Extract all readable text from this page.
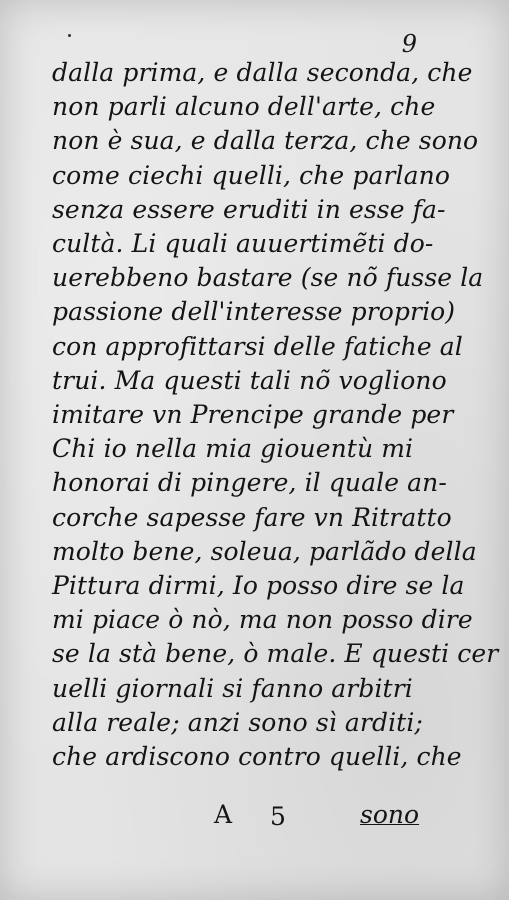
9
dalla prima, e dalla seconda, che
non parli alcuno dell'arte, che
non è sua, e dalla terza, che sono
come ciechi quelli, che parlano
senza essere eruditi in esse fa-
cultà. Li quali auuertimẽti do-
uerebbeno bastare (se nõ fusse la
passione dell'interesse proprio)
con approfittarsi delle fatiche al
trui. Ma questi tali nõ vogliono
imitare vn Prencipe grande per
Chi io nella mia giouentù mi
honorai di pingere, il quale an-
corche sapesse fare vn Ritratto
molto bene, soleua, parlãdo della
Pittura dirmi, Io posso dire se la
mi piace ò nò, ma non posso dire
se la stà bene, ò male. E questi cer
uelli giornali si fanno arbitri
alla reale; anzi sono sì arditi;
che ardiscono contro quelli, che
A 5	sono
